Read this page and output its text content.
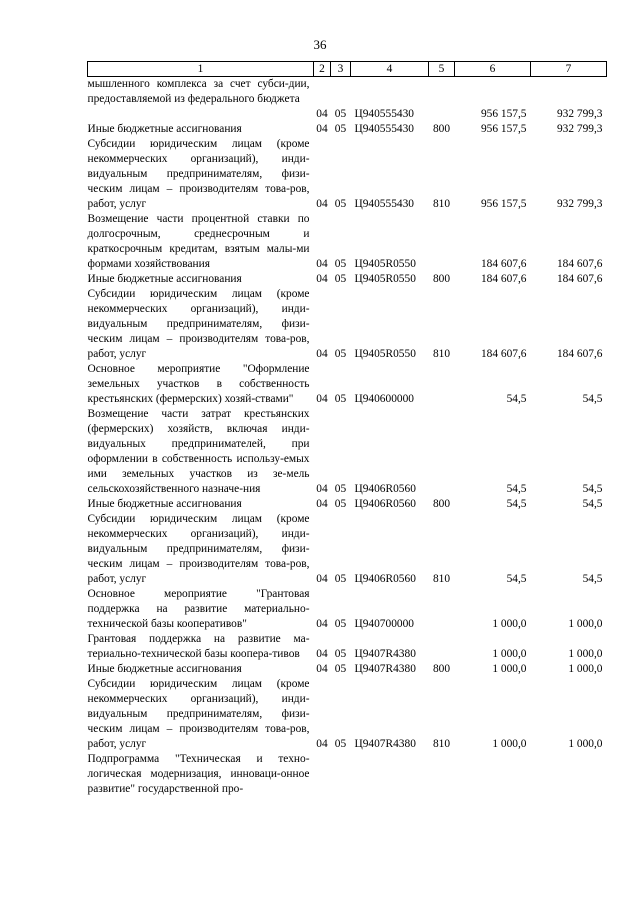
36
1	2	3	4	5	6	7
мышленного комплекса за счет субси-дии, предоставляемой из федерального бюджета						
	04	05	Ц940555430		956 157,5	932 799,3
Иные бюджетные ассигнования	04	05	Ц940555430	800	956 157,5	932 799,3
Субсидии юридическим лицам (кроме некоммерческих организаций), инди-видуальным предпринимателям, физи-ческим лицам – производителям това-ров, работ, услуг	04	05	Ц940555430	810	956 157,5	932 799,3
Возмещение части процентной ставки по долгосрочным, среднесрочным и краткосрочным кредитам, взятым малы-ми формами хозяйствования	04	05	Ц9405R0550		184 607,6	184 607,6
Иные бюджетные ассигнования	04	05	Ц9405R0550	800	184 607,6	184 607,6
Субсидии юридическим лицам (кроме некоммерческих организаций), инди-видуальным предпринимателям, физи-ческим лицам – производителям това-ров, работ, услуг	04	05	Ц9405R0550	810	184 607,6	184 607,6
Основное мероприятие "Оформление земельных участков в собственность крестьянских (фермерских) хозяй-ствами"	04	05	Ц940600000		54,5	54,5
Возмещение части затрат крестьянских (фермерских) хозяйств, включая инди-видуальных предпринимателей, при оформлении в собственность использу-емых ими земельных участков из зе-мель сельскохозяйственного назначе-ния	04	05	Ц9406R0560		54,5	54,5
Иные бюджетные ассигнования	04	05	Ц9406R0560	800	54,5	54,5
Субсидии юридическим лицам (кроме некоммерческих организаций), инди-видуальным предпринимателям, физи-ческим лицам – производителям това-ров, работ, услуг	04	05	Ц9406R0560	810	54,5	54,5
Основное мероприятие "Грантовая поддержка на развитие материально-технической базы кооперативов"	04	05	Ц940700000		1 000,0	1 000,0
Грантовая поддержка на развитие ма-териально-технической базы коопера-тивов	04	05	Ц9407R4380		1 000,0	1 000,0
Иные бюджетные ассигнования	04	05	Ц9407R4380	800	1 000,0	1 000,0
Субсидии юридическим лицам (кроме некоммерческих организаций), инди-видуальным предпринимателям, физи-ческим лицам – производителям това-ров, работ, услуг	04	05	Ц9407R4380	810	1 000,0	1 000,0
Подпрограмма "Техническая и техно-логическая модернизация, инноваци-онное развитие" государственной про-						
